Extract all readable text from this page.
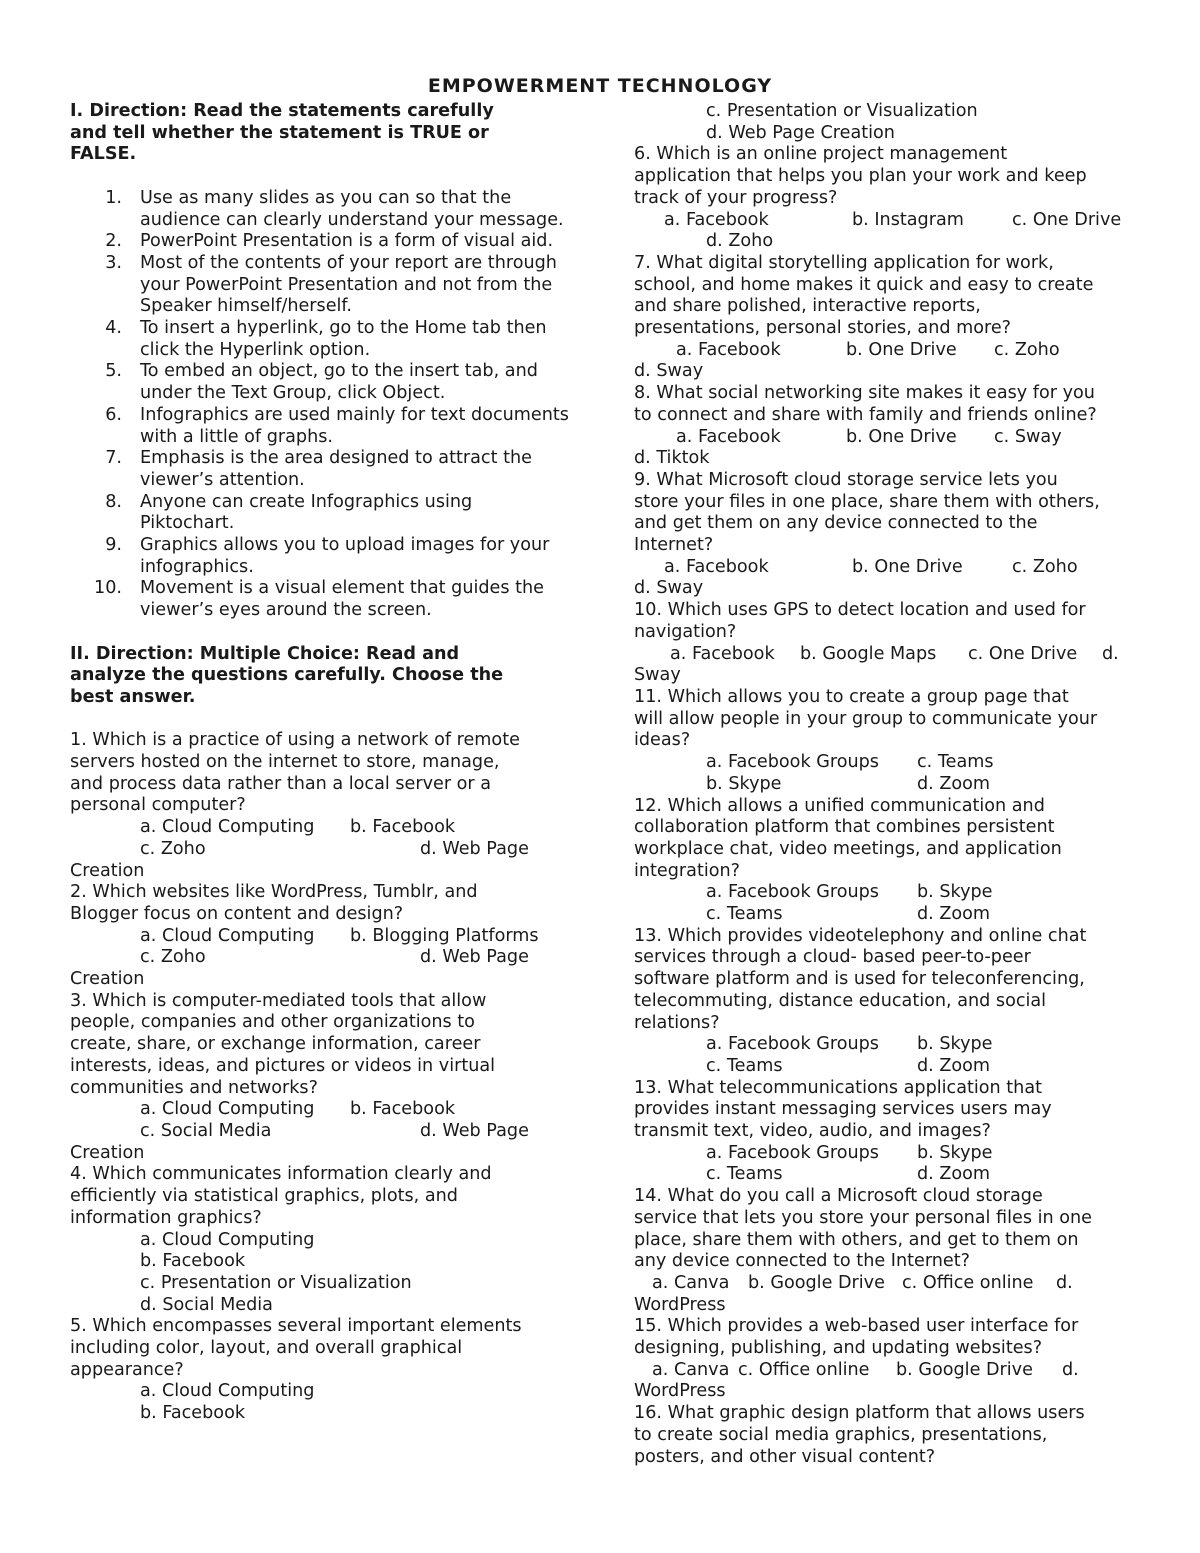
EMPOWERMENT TECHNOLOGY
I. Direction: Read the statements carefully
and tell whether the statement is TRUE or
FALSE.
1. Use as many slides as you can so that the audience can clearly understand your message.
2. PowerPoint Presentation is a form of visual aid.
3. Most of the contents of your report are through your PowerPoint Presentation and not from the Speaker himself/herself.
4. To insert a hyperlink, go to the Home tab then click the Hyperlink option.
5. To embed an object, go to the insert tab, and under the Text Group, click Object.
6. Infographics are used mainly for text documents with a little of graphs.
7. Emphasis is the area designed to attract the viewer’s attention.
8. Anyone can create Infographics using Piktochart.
9. Graphics allows you to upload images for your infographics.
10. Movement is a visual element that guides the viewer’s eyes around the screen.
II. Direction: Multiple Choice: Read and
analyze the questions carefully. Choose the
best answer.
1. Which is a practice of using a network of remote
servers hosted on the internet to store, manage,
and process data rather than a local server or a
personal computer?
a. Cloud Computing	b. Facebook
c. Zoho	d. Web Page
Creation
2. Which websites like WordPress, Tumblr, and
Blogger focus on content and design?
a. Cloud Computing	b. Blogging Platforms
c. Zoho	d. Web Page
Creation
3. Which is computer-mediated tools that allow
people, companies and other organizations to
create, share, or exchange information, career
interests, ideas, and pictures or videos in virtual
communities and networks?
a. Cloud Computing	b. Facebook
c. Social Media	d. Web Page
Creation
4. Which communicates information clearly and
efficiently via statistical graphics, plots, and
information graphics?
a. Cloud Computing
b. Facebook
c. Presentation or Visualization
d. Social Media
5. Which encompasses several important elements
including color, layout, and overall graphical
appearance?
a. Cloud Computing
b. Facebook
c. Presentation or Visualization
d. Web Page Creation
6. Which is an online project management
application that helps you plan your work and keep
track of your progress?
a. Facebook	b. Instagram	c. One Drive
d. Zoho
7. What digital storytelling application for work,
school, and home makes it quick and easy to create
and share polished, interactive reports,
presentations, personal stories, and more?
a. Facebook	b. One Drive	c. Zoho
d. Sway
8. What social networking site makes it easy for you
to connect and share with family and friends online?
a. Facebook	b. One Drive	c. Sway
d. Tiktok
9. What Microsoft cloud storage service lets you
store your files in one place, share them with others,
and get them on any device connected to the
Internet?
a. Facebook	b. One Drive	c. Zoho
d. Sway
10. Which uses GPS to detect location and used for
navigation?
a. Facebook	b. Google Maps	c. One Drive	d.
Sway
11. Which allows you to create a group page that
will allow people in your group to communicate your
ideas?
a. Facebook Groups	c. Teams
b. Skype	d. Zoom
12. Which allows a unified communication and
collaboration platform that combines persistent
workplace chat, video meetings, and application
integration?
a. Facebook Groups	b. Skype
c. Teams	d. Zoom
13. Which provides videotelephony and online chat
services through a cloud- based peer-to-peer
software platform and is used for teleconferencing,
telecommuting, distance education, and social
relations?
a. Facebook Groups	b. Skype
c. Teams	d. Zoom
13. What telecommunications application that
provides instant messaging services users may
transmit text, video, audio, and images?
a. Facebook Groups	b. Skype
c. Teams	d. Zoom
14. What do you call a Microsoft cloud storage
service that lets you store your personal files in one
place, share them with others, and get to them on
any device connected to the Internet?
a. Canva	b. Google Drive c. Office online	d.
WordPress
15. Which provides a web-based user interface for
designing, publishing, and updating websites?
a. Canva c. Office online	b. Google Drive	d.
WordPress
16. What graphic design platform that allows users
to create social media graphics, presentations,
posters, and other visual content?
